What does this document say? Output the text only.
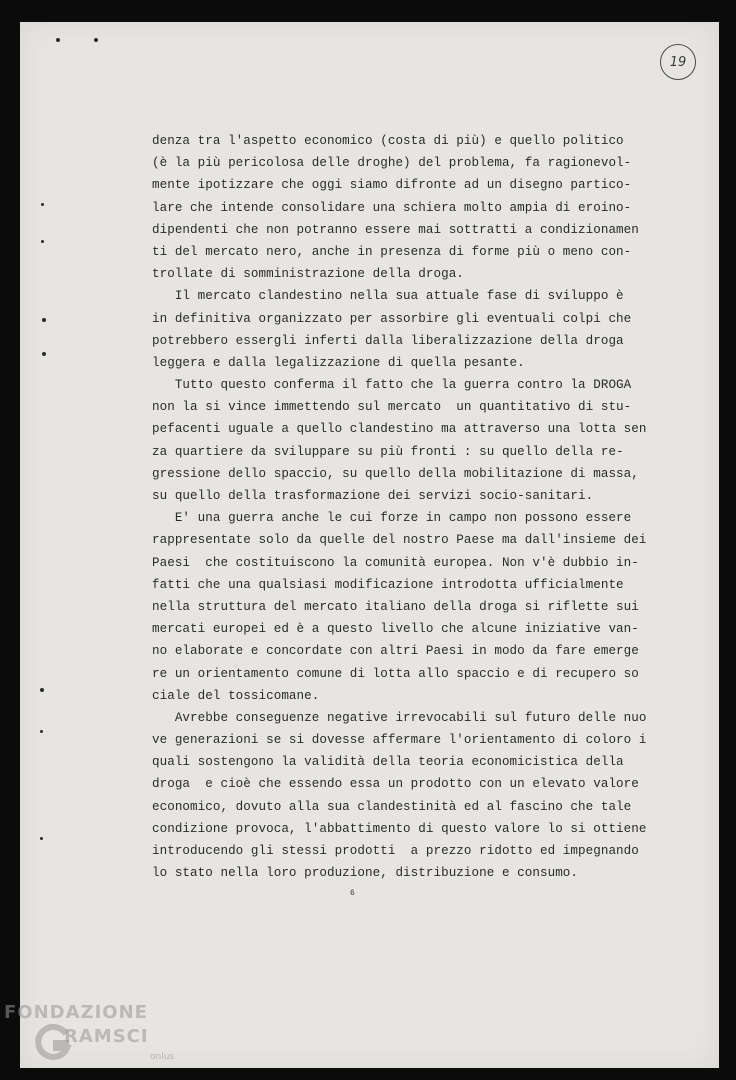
19
denza tra l'aspetto economico (costa di più) e quello politico
(è la più pericolosa delle droghe) del problema, fa ragionevol-
mente ipotizzare che oggi siamo difronte ad un disegno partico-
lare che intende consolidare una schiera molto ampia di eroino-
dipendenti che non potranno essere mai sottratti a condizionamen
ti del mercato nero, anche in presenza di forme più o meno con-
trollate di somministrazione della droga.
Il mercato clandestino nella sua attuale fase di sviluppo è
in definitiva organizzato per assorbire gli eventuali colpi che
potrebbero essergli inferti dalla liberalizzazione della droga
leggera e dalla legalizzazione di quella pesante.
Tutto questo conferma il fatto che la guerra contro la DROGA
non la si vince immettendo sul mercato  un quantitativo di stu-
pefacenti uguale a quello clandestino ma attraverso una lotta sen
za quartiere da sviluppare su più fronti : su quello della re-
gressione dello spaccio, su quello della mobilitazione di massa,
su quello della trasformazione dei servizi socio-sanitari.
E' una guerra anche le cui forze in campo non possono essere
rappresentate solo da quelle del nostro Paese ma dall'insieme dei
Paesi  che costituiscono la comunità europea. Non v'è dubbio in-
fatti che una qualsiasi modificazione introdotta ufficialmente
nella struttura del mercato italiano della droga si riflette sui
mercati europei ed è a questo livello che alcune iniziative van-
no elaborate e concordate con altri Paesi in modo da fare emerge
re un orientamento comune di lotta allo spaccio e di recupero so
ciale del tossicomane.
Avrebbe conseguenze negative irrevocabili sul futuro delle nuo
ve generazioni se si dovesse affermare l'orientamento di coloro i
quali sostengono la validità della teoria economicistica della
droga  e cioè che essendo essa un prodotto con un elevato valore
economico, dovuto alla sua clandestinità ed al fascino che tale
condizione provoca, l'abbattimento di questo valore lo si ottiene
introducendo gli stessi prodotti  a prezzo ridotto ed impegnando
lo stato nella loro produzione, distribuzione e consumo.
6
FONDAZIONE
RAMSCI
onlus
